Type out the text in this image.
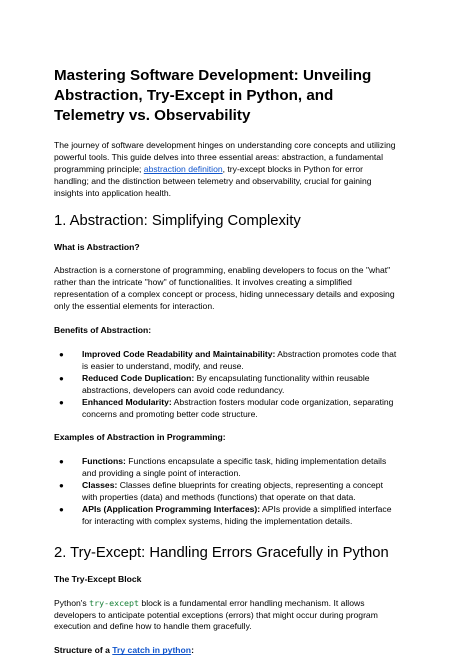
Mastering Software Development: Unveiling Abstraction, Try-Except in Python, and Telemetry vs. Observability

The journey of software development hinges on understanding core concepts and utilizing powerful tools. This guide delves into three essential areas: abstraction, a fundamental programming principle; abstraction definition, try-except blocks in Python for error handling; and the distinction between telemetry and observability, crucial for gaining insights into application health.

1. Abstraction: Simplifying Complexity
What is Abstraction?

Abstraction is a cornerstone of programming, enabling developers to focus on the "what" rather than the intricate "how" of functionalities. It involves creating a simplified representation of a complex concept or process, hiding unnecessary details and exposing only the essential elements for interaction.

Benefits of Abstraction:
● Improved Code Readability and Maintainability: Abstraction promotes code that is easier to understand, modify, and reuse.
● Reduced Code Duplication: By encapsulating functionality within reusable abstractions, developers can avoid code redundancy.
● Enhanced Modularity: Abstraction fosters modular code organization, separating concerns and promoting better code structure.
Examples of Abstraction in Programming:
● Functions: Functions encapsulate a specific task, hiding implementation details and providing a single point of interaction.
● Classes: Classes define blueprints for creating objects, representing a concept with properties (data) and methods (functions) that operate on that data.
● APIs (Application Programming Interfaces): APIs provide a simplified interface for interacting with complex systems, hiding the implementation details.
2. Try-Except: Handling Errors Gracefully in Python
The Try-Except Block

Python's try-except block is a fundamental error handling mechanism. It allows developers to anticipate potential exceptions (errors) that might occur during program execution and define how to handle them gracefully.

Structure of a Try catch in python:
